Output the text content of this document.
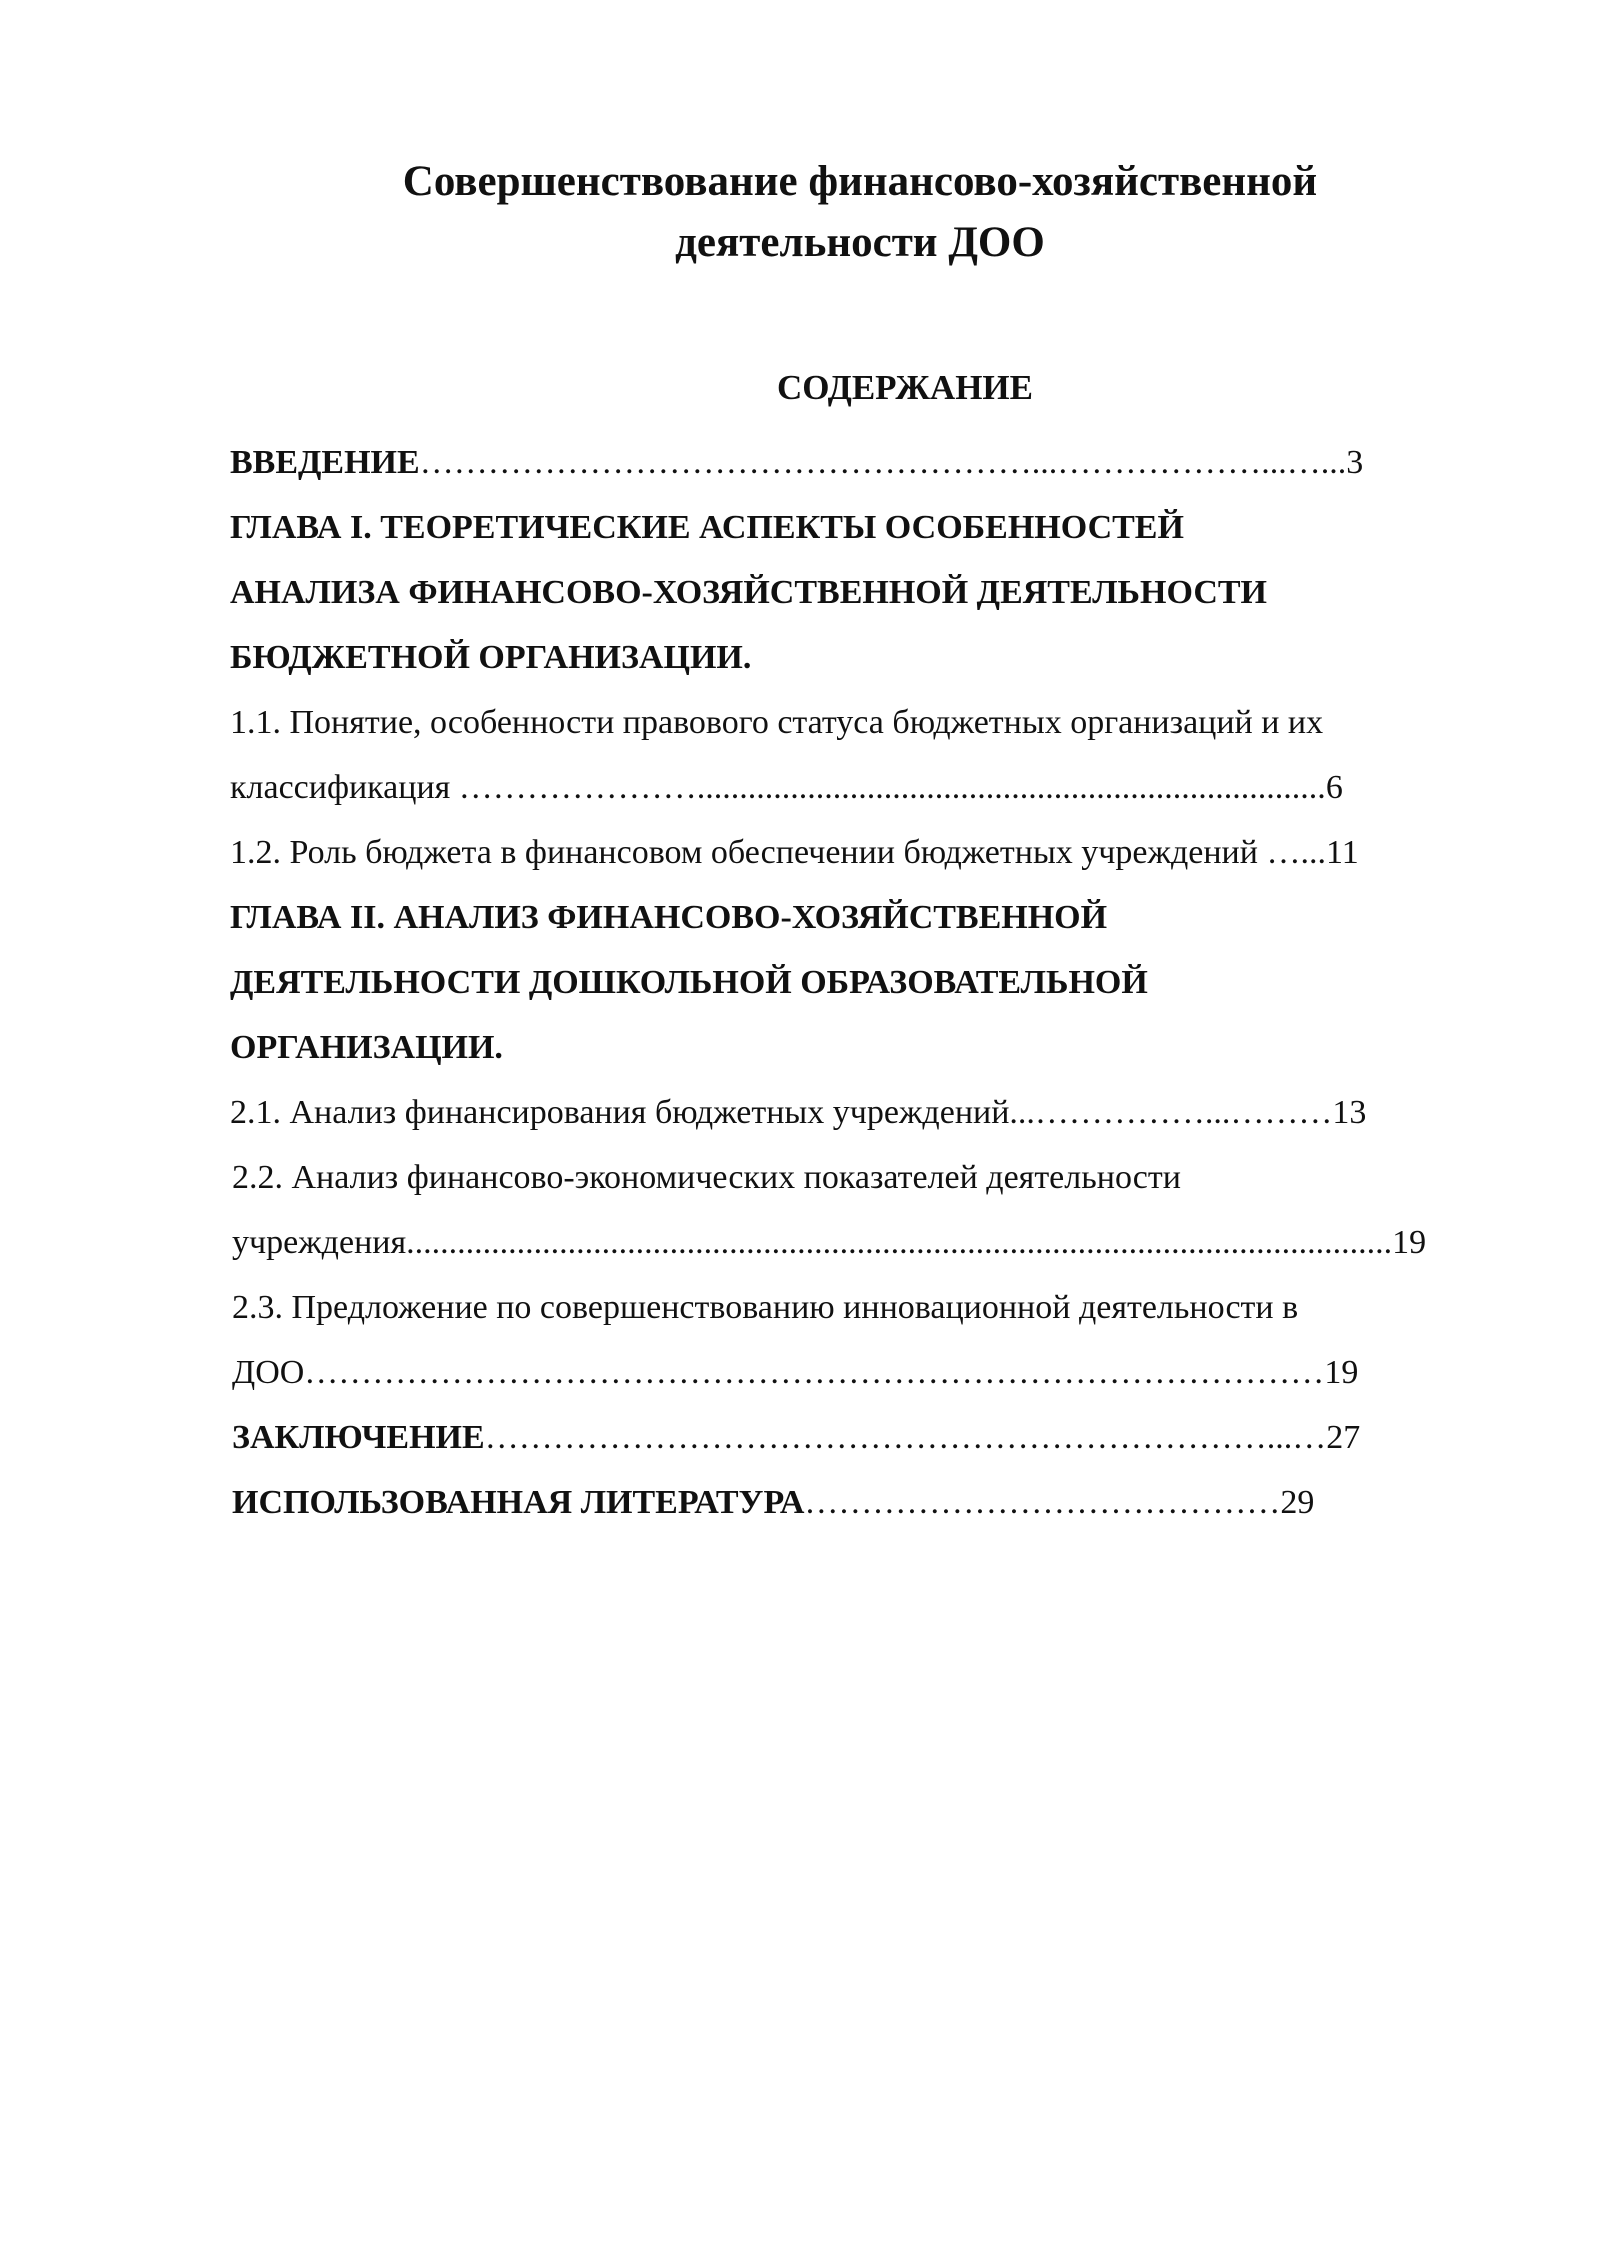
Совершенствование финансово-хозяйственной
деятельности ДОО
СОДЕРЖАНИЕ
ВВЕДЕНИЕ………………………………………………...………………...…...3
ГЛАВА I. ТЕОРЕТИЧЕСКИЕ АСПЕКТЫ ОСОБЕННОСТЕЙ
АНАЛИЗА ФИНАНСОВО-ХОЗЯЙСТВЕННОЙ ДЕЯТЕЛЬНОСТИ
БЮДЖЕТНОЙ ОРГАНИЗАЦИИ.
1.1. Понятие, особенности правового статуса бюджетных организаций и их
классификация …………………..........................................................................6
1.2. Роль бюджета в финансовом обеспечении бюджетных учреждений …...11
ГЛАВА II. АНАЛИЗ ФИНАНСОВО-ХОЗЯЙСТВЕННОЙ
ДЕЯТЕЛЬНОСТИ ДОШКОЛЬНОЙ ОБРАЗОВАТЕЛЬНОЙ
ОРГАНИЗАЦИИ.
2.1. Анализ финансирования бюджетных учреждений...……………...………13
2.2. Анализ финансово-экономических показателей деятельности
учреждения....................................................................................................................19
2.3. Предложение по совершенствованию инновационной деятельности в
ДОО………………………………………………………………………………19
ЗАКЛЮЧЕНИЕ……………………………………………………………...…27
ИСПОЛЬЗОВАННАЯ ЛИТЕРАТУРА……………………………………29
